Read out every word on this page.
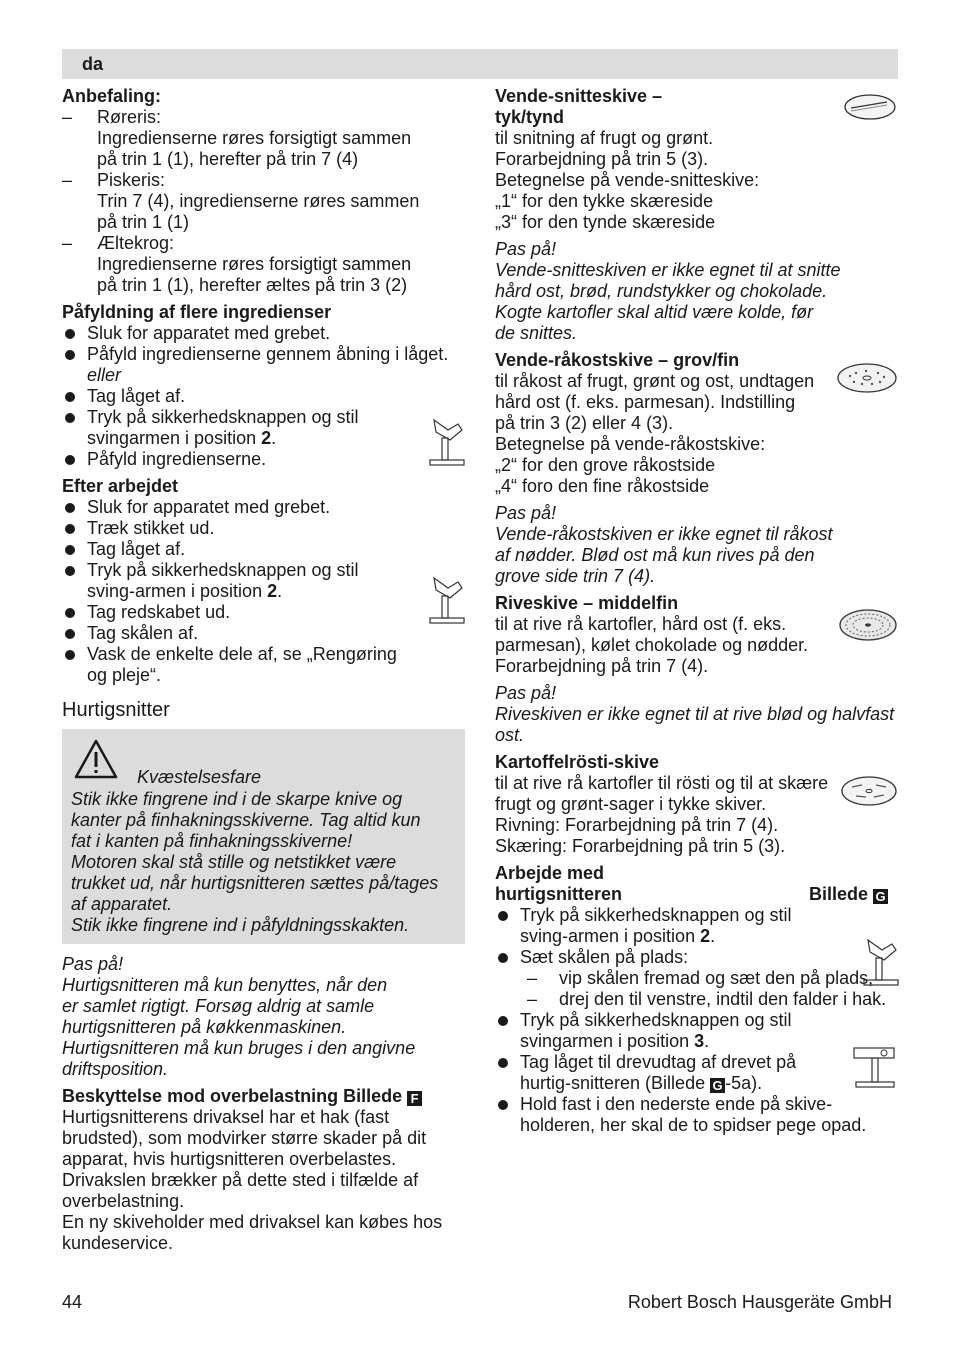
da
Anbefaling:
– Røreris:
Ingredienserne røres forsigtigt sammen
på trin 1 (1), herefter på trin 7 (4)
– Piskeris:
Trin 7 (4), ingredienserne røres sammen
på trin 1 (1)
– Æltekrog:
Ingredienserne røres forsigtigt sammen
på trin 1 (1), herefter æltes på trin 3 (2)
Påfyldning af flere ingredienser
Sluk for apparatet med grebet.
Påfyld ingredienserne gennem åbning i låget.
eller
Tag låget af.
Tryk på sikkerhedsknappen og stil
svingarmen i position 2.
Påfyld ingredienserne.
Efter arbejdet
Sluk for apparatet med grebet.
Træk stikket ud.
Tag låget af.
Tryk på sikkerhedsknappen og stil
sving-armen i position 2.
Tag redskabet ud.
Tag skålen af.
Vask de enkelte dele af, se „Rengøring
og pleje“.
Hurtigsnitter
Kvæstelsesfare
Stik ikke fingrene ind i de skarpe knive og
kanter på finhakningsskiverne. Tag altid kun
fat i kanten på finhakningsskiverne!
Motoren skal stå stille og netstikket være
trukket ud, når hurtigsnitteren sættes på/tages
af apparatet.
Stik ikke fingrene ind i påfyldningsskakten.
Pas på!
Hurtigsnitteren må kun benyttes, når den
er samlet rigtigt. Forsøg aldrig at samle
hurtigsnitteren på køkkenmaskinen.
Hurtigsnitteren må kun bruges i den angivne
driftsposition.
Beskyttelse mod overbelastning Billede F
Hurtigsnitterens drivaksel har et hak (fast
brudsted), som modvirker større skader på dit
apparat, hvis hurtigsnitteren overbelastes.
Drivakslen brækker på dette sted i tilfælde af
overbelastning.
En ny skiveholder med drivaksel kan købes hos
kundeservice.
Vende-snitteskive –
tyk/tynd
til snitning af frugt og grønt.
Forarbejdning på trin 5 (3).
Betegnelse på vende-snitteskive:
„1“ for den tykke skæreside
„3“ for den tynde skæreside
Pas på!
Vende-snitteskiven er ikke egnet til at snitte
hård ost, brød, rundstykker og chokolade.
Kogte kartofler skal altid være kolde, før
de snittes.
Vende-råkostskive – grov/fin
til råkost af frugt, grønt og ost, undtagen
hård ost (f. eks. parmesan). Indstilling
på trin 3 (2) eller 4 (3).
Betegnelse på vende-råkostskive:
„2“ for den grove råkostside
„4“ foro den fine råkostside
Pas på!
Vende-råkostskiven er ikke egnet til råkost
af nødder. Blød ost må kun rives på den
grove side trin 7 (4).
Riveskive – middelfin
til at rive rå kartofler, hård ost (f. eks.
parmesan), kølet chokolade og nødder.
Forarbejdning på trin 7 (4).
Pas på!
Riveskiven er ikke egnet til at rive blød og halvfast
ost.
Kartoffelrösti-skive
til at rive rå kartofler til rösti og til at skære
frugt og grønt-sager i tykke skiver.
Rivning: Forarbejdning på trin 7 (4).
Skæring: Forarbejdning på trin 5 (3).
Arbejde med
hurtigsnitteren	Billede G
Tryk på sikkerhedsknappen og stil
sving-armen i position 2.
Sæt skålen på plads:
– vip skålen fremad og sæt den på plads,
– drej den til venstre, indtil den falder i hak.
Tryk på sikkerhedsknappen og stil
svingarmen i position 3.
Tag låget til drevudtag af drevet på
hurtig-snitteren (Billede G -5a).
Hold fast i den nederste ende på skive-
holderen, her skal de to spidser pege opad.
44	Robert Bosch Hausgeräte GmbH
